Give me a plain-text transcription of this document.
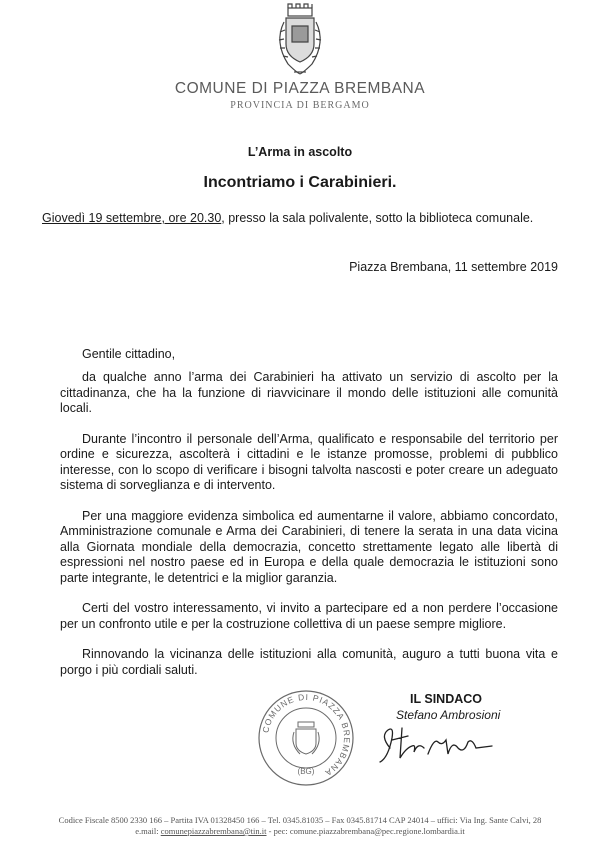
COMUNE DI PIAZZA BREMBANA
PROVINCIA DI BERGAMO
L’Arma in ascolto
Incontriamo i Carabinieri.
Giovedì 19 settembre, ore 20.30, presso la sala polivalente, sotto la biblioteca comunale.
Piazza Brembana, 11 settembre 2019
Gentile cittadino,

da qualche anno l’arma dei Carabinieri ha attivato un servizio di ascolto per la cittadinanza, che ha la funzione di riavvicinare il mondo delle istituzioni alle comunità locali.

Durante l’incontro il personale dell’Arma, qualificato e responsabile del territorio per ordine e sicurezza, ascolterà i cittadini e le istanze promosse, problemi di pubblico interesse, con lo scopo di verificare i bisogni talvolta nascosti e poter creare un adeguato sistema di sorveglianza e di intervento.

Per una maggiore evidenza simbolica ed aumentarne il valore, abbiamo concordato, Amministrazione comunale e Arma dei Carabinieri, di tenere la serata in una data vicina alla Giornata mondiale della democrazia, concetto strettamente legato alle libertà di espressioni nel nostro paese ed in Europa e della quale democrazia le istituzioni sono parte integrante, le detentrici e la miglior garanzia.

Certi del vostro interessamento, vi invito a partecipare ed a non perdere l’occasione per un confronto utile e per la costruzione collettiva di un paese sempre migliore.

Rinnovando la vicinanza delle istituzioni alla comunità, auguro a tutti buona vita e porgo i più cordiali saluti.

COMUNE DI PIAZZA BREMBANA
(BG)
IL SINDACO
Stefano Ambrosioni
Codice Fiscale 8500 2330 166 – Partita IVA 01328450 166 – Tel. 0345.81035 – Fax 0345.81714 CAP 24014 – uffici: Via Ing. Sante Calvi, 28
e.mail: comunepiazzabrembana@tin.it - pec: comune.piazzabrembana@pec.regione.lombardia.it
